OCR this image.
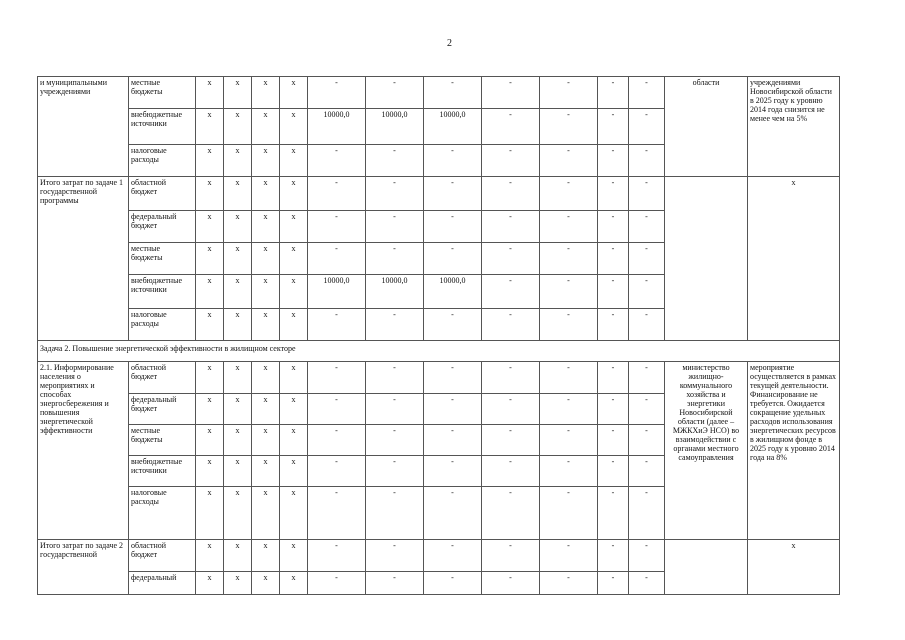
2
и муниципальными учреждениями	местные бюджеты	x	x	x	x	-	-	-	-	-	-	-	области	учреждениями Новосибирской области в 2025 году к уровню 2014 года снизится не менее чем на 5%
	внебюджетные источники	x	x	x	x	10000,0	10000,0	10000,0	-	-	-	-		
	налоговые расходы	x	x	x	x	-	-	-	-	-	-	-		
Итого затрат по задаче 1 государственной программы	областной бюджет	x	x	x	x	-	-	-	-	-	-	-		x
	федеральный бюджет	x	x	x	x	-	-	-	-	-	-	-		
	местные бюджеты	x	x	x	x	-	-	-	-	-	-	-		
	внебюджетные источники	x	x	x	x	10000,0	10000,0	10000,0	-	-	-	-		
	налоговые расходы	x	x	x	x	-	-	-	-	-	-	-		
Задача 2. Повышение энергетической эффективности в жилищном секторе														
2.1. Информирование населения о мероприятиях и способах энергосбережения и повышения энергетической эффективности	областной бюджет	x	x	x	x	-	-	-	-	-	-	-	министерство жилищно-коммунального хозяйства и энергетики Новосибирской области (далее – МЖКХиЭ НСО) во взаимодействии с органами местного самоуправления	мероприятие осуществляется в рамках текущей деятельности. Финансирование не требуется. Ожидается сокращение удельных расходов использования энергетических ресурсов в жилищном фонде в 2025 году к уровню 2014 года на 8%
	федеральный бюджет	x	x	x	x	-	-	-	-	-	-	-		
	местные бюджеты	x	x	x	x	-	-	-	-	-	-	-		
	внебюджетные источники	x	x	x	x	-	-	-	-	-	-	-		
	налоговые расходы	x	x	x	x	-	-	-	-	-	-	-		
Итого затрат по задаче 2 государственной	областной бюджет	x	x	x	x	-	-	-	-	-	-	-		x
	федеральный	x	x	x	x	-	-	-	-	-	-	-		
